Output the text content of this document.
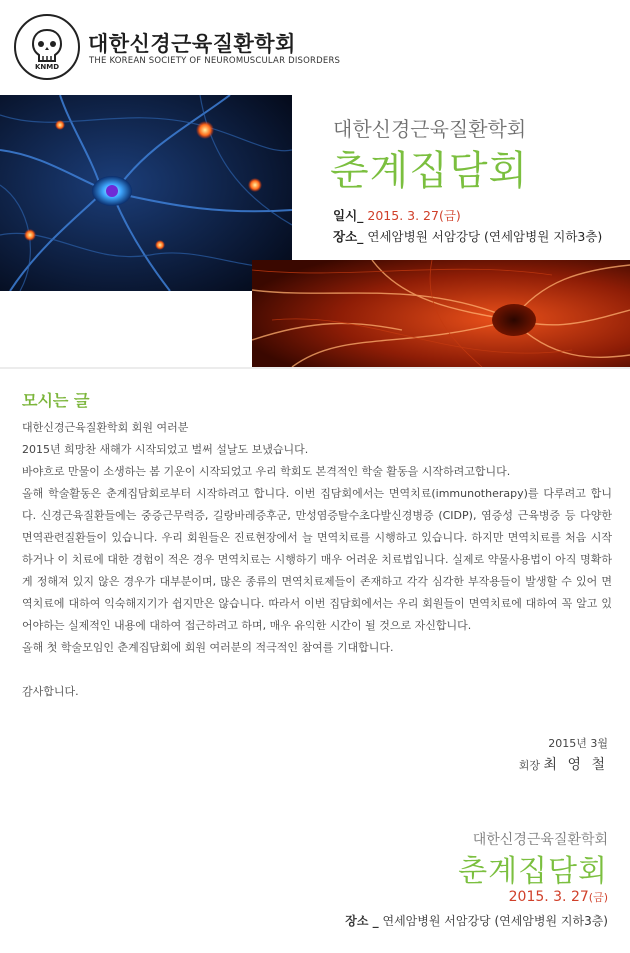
KNMD
대한신경근육질환학회
THE KOREAN SOCIETY OF NEUROMUSCULAR DISORDERS
대한신경근육질환학회
춘계집담회
일시_ 2015. 3. 27(금)
장소_ 연세암병원 서암강당 (연세암병원 지하3층)
모시는 글

대한신경근육질환학회 회원 여러분

2015년 희망찬 새해가 시작되었고 벌써 설날도 보냈습니다.

바야흐로 만물이 소생하는 봄 기운이 시작되었고 우리 학회도 본격적인 학술 활동을 시작하려고합니다.

올해 학술활동은 춘계집담회로부터 시작하려고 합니다. 이번 집담회에서는 면역치료(immunotherapy)를 다루려고 합니다. 신경근육질환들에는 중증근무력증, 길랑바레증후군, 만성염증탈수초다발신경병증 (CIDP), 염증성 근육병증 등 다양한 면역관련질환들이 있습니다. 우리 회원들은 진료현장에서 늘 면역치료를 시행하고 있습니다. 하지만 면역치료를 처음 시작하거나 이 치료에 대한 경험이 적은 경우 면역치료는 시행하기 매우 어려운 치료법입니다. 실제로 약물사용법이 아직 명확하게 정해져 있지 않은 경우가 대부분이며, 많은 종류의 면역치료제들이 존재하고 각각 심각한 부작용들이 발생할 수 있어 면역치료에 대하여 익숙해지기가 쉽지만은 않습니다. 따라서 이번 집담회에서는 우리 회원들이 면역치료에 대하여 꼭 알고 있어야하는 실제적인 내용에 대하여 접근하려고 하며, 매우 유익한 시간이 될 것으로 자신합니다.

올해 첫 학술모임인 춘계집담회에 회원 여러분의 적극적인 참여를 기대합니다.

감사합니다.

2015년 3월
회장 최 영 철
대한신경근육질환학회
춘계집담회
2015. 3. 27(금)
장소 _ 연세암병원 서암강당 (연세암병원 지하3층)
